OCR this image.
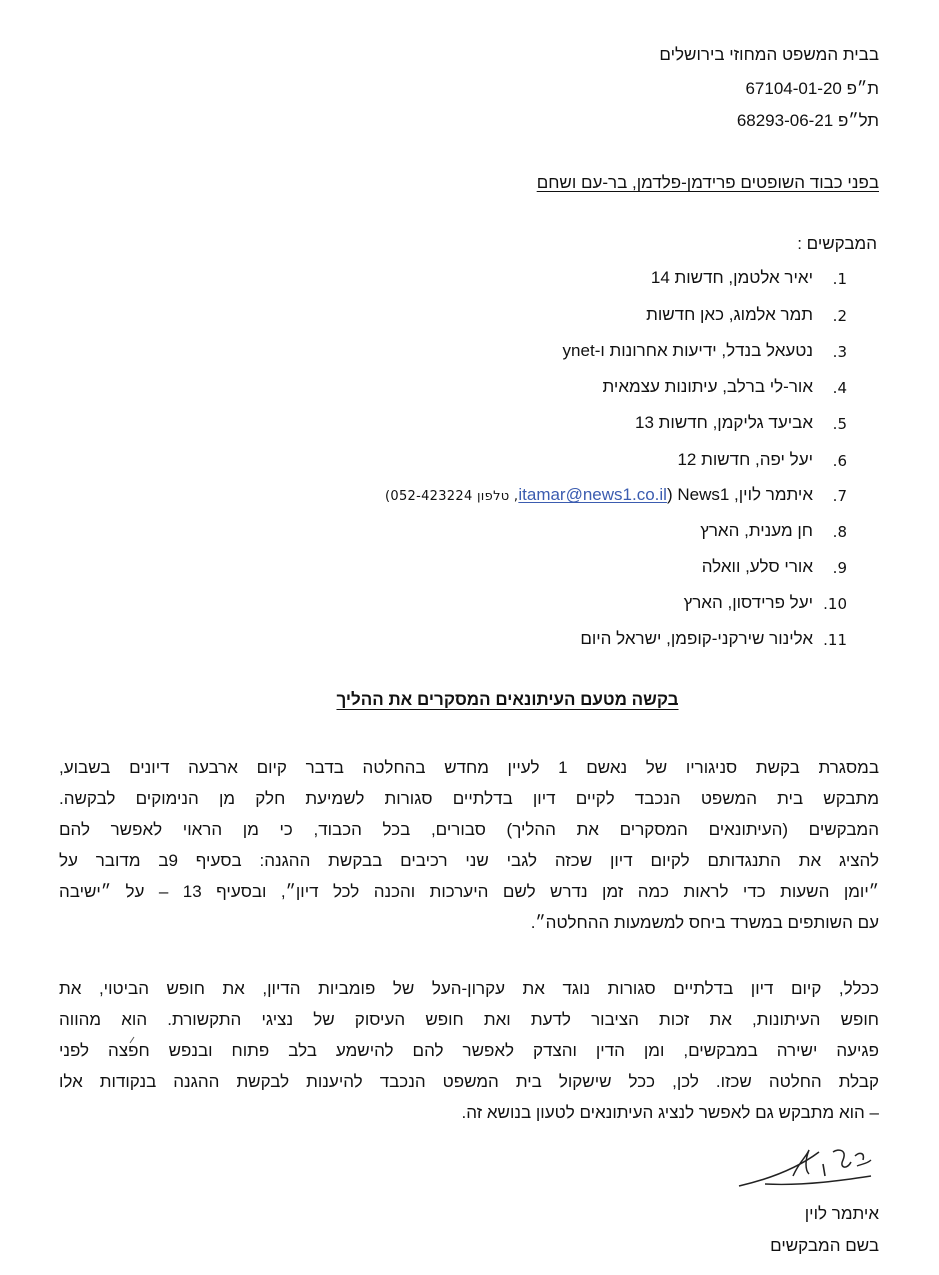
בבית המשפט המחוזי בירושלים
ת״פ 67104-01-20
תל״פ 68293-06-21
בפני כבוד השופטים פרידמן-פלדמן, בר-עם ושחם
המבקשים :
1.
יאיר אלטמן, חדשות 14
2.
תמר אלמוג, כאן חדשות
3.
נטעאל בנדל, ידיעות אחרונות ו-ynet
4.
אור-לי ברלב, עיתונות עצמאית
5.
אביעד גליקמן, חדשות 13
6.
יעל יפה, חדשות 12
7.
איתמר לוין, News1 (itamar@news1.co.il, טלפון 052-423224)
8.
חן מענית, הארץ
9.
אורי סלע, וואלה
10.
יעל פרידסון, הארץ
11.
אלינור שירקני-קופמן, ישראל היום
בקשה מטעם העיתונאים המסקרים את ההליך
במסגרת בקשת סניגוריו של נאשם 1 לעיין מחדש בהחלטה בדבר קיום ארבעה דיונים בשבוע,
מתבקש בית המשפט הנכבד לקיים דיון בדלתיים סגורות לשמיעת חלק מן הנימוקים לבקשה.
המבקשים (העיתונאים המסקרים את ההליך) סבורים, בכל הכבוד, כי מן הראוי לאפשר להם
להציג את התנגדותם לקיום דיון שכזה לגבי שני רכיבים בבקשת ההגנה: בסעיף 9ב מדובר על
״יומן השעות כדי לראות כמה זמן נדרש לשם היערכות והכנה לכל דיון״, ובסעיף 13 – על ״ישיבה
עם השותפים במשרד ביחס למשמעות ההחלטה״.
ככלל, קיום דיון בדלתיים סגורות נוגד את עקרון-העל של פומביות הדיון, את חופש הביטוי, את
חופש העיתונות, את זכות הציבור לדעת ואת חופש העיסוק של נציגי התקשורת. הוא מהווה
פגיעה ישירה במבקשים, ומן הדין והצדק לאפשר להם להישמע בלב פתוח ובנפש חפצה לפני
קבלת החלטה שכזו. לכן, ככל שישקול בית המשפט הנכבד להיענות לבקשת ההגנה בנקודות אלו
– הוא מתבקש גם לאפשר לנציג העיתונאים לטעון בנושא זה.
איתמר לוין
בשם המבקשים
